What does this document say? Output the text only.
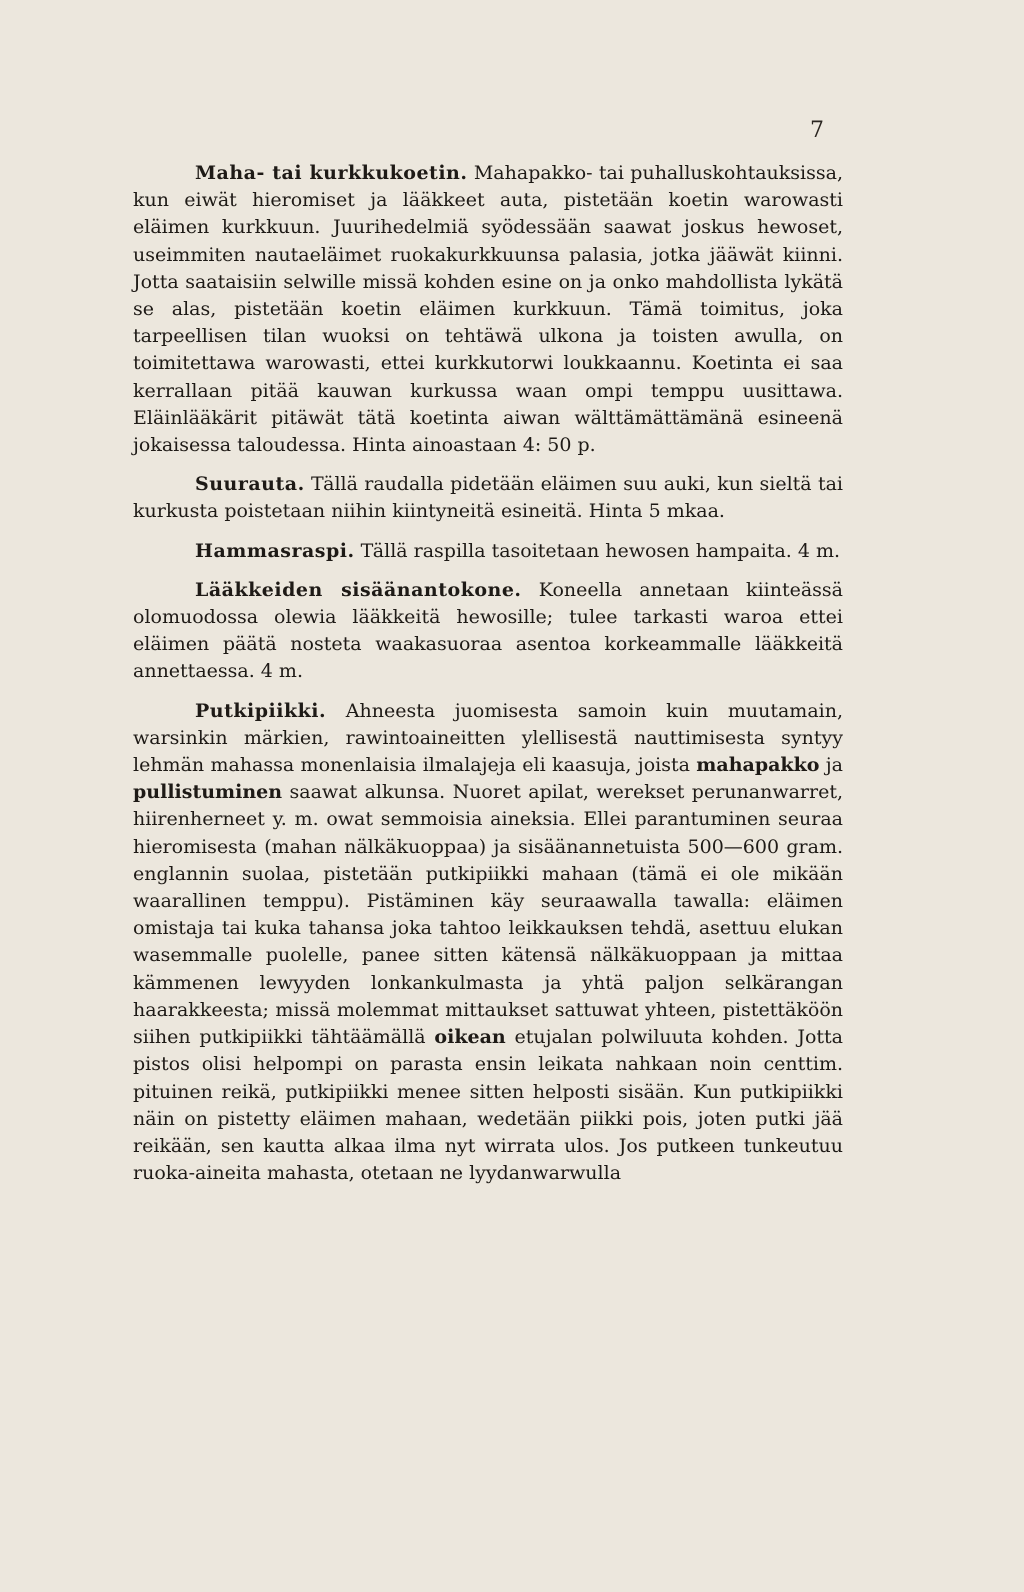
7

Maha- tai kurkkukoetin. Mahapakko- tai puhalluskohtauksissa, kun eiwät hieromiset ja lääkkeet auta, pistetään koetin warowasti eläimen kurkkuun. Juurihedelmiä syödessään saawat joskus hewoset, useimmiten nautaeläimet ruokakurkkuunsa palasia, jotka jääwät kiinni. Jotta saataisiin selwille missä kohden esine on ja onko mahdollista lykätä se alas, pistetään koetin eläimen kurkkuun. Tämä toimitus, joka tarpeellisen tilan wuoksi on tehtäwä ulkona ja toisten awulla, on toimitettawa warowasti, ettei kurkkutorwi loukkaannu. Koetinta ei saa kerrallaan pitää kauwan kurkussa waan ompi temppu uusittawa. Eläinlääkärit pitäwät tätä koetinta aiwan wälttämättämänä esineenä jokaisessa taloudessa. Hinta ainoastaan 4: 50 p.

Suurauta. Tällä raudalla pidetään eläimen suu auki, kun sieltä tai kurkusta poistetaan niihin kiintyneitä esineitä. Hinta 5 mkaa.

Hammasraspi. Tällä raspilla tasoitetaan hewosen hampaita. 4 m.

Lääkkeiden sisäänantokone. Koneella annetaan kiinteässä olomuodossa olewia lääkkeitä hewosille; tulee tarkasti waroa ettei eläimen päätä nosteta waakasuoraa asentoa korkeammalle lääkkeitä annettaessa. 4 m.

Putkipiikki. Ahneesta juomisesta samoin kuin muutamain, warsinkin märkien, rawintoaineitten ylellisestä nauttimisesta syntyy lehmän mahassa monenlaisia ilmalajeja eli kaasuja, joista mahapakko ja pullistuminen saawat alkunsa. Nuoret apilat, werekset perunanwarret, hiirenherneet y. m. owat semmoisia aineksia. Ellei parantuminen seuraa hieromisesta (mahan nälkäkuoppaa) ja sisäänannetuista 500—600 gram. englannin suolaa, pistetään putkipiikki mahaan (tämä ei ole mikään waarallinen temppu). Pistäminen käy seuraawalla tawalla: eläimen omistaja tai kuka tahansa joka tahtoo leikkauksen tehdä, asettuu elukan wasemmalle puolelle, panee sitten kätensä nälkäkuoppaan ja mittaa kämmenen lewyyden lonkankulmasta ja yhtä paljon selkärangan haarakkeesta; missä molemmat mittaukset sattuwat yhteen, pistettäköön siihen putkipiikki tähtäämällä oikean etujalan polwiluuta kohden. Jotta pistos olisi helpompi on parasta ensin leikata nahkaan noin centtim. pituinen reikä, putkipiikki menee sitten helposti sisään. Kun putkipiikki näin on pistetty eläimen mahaan, wedetään piikki pois, joten putki jää reikään, sen kautta alkaa ilma nyt wirrata ulos. Jos putkeen tunkeutuu ruoka-aineita mahasta, otetaan ne lyydanwarwulla
